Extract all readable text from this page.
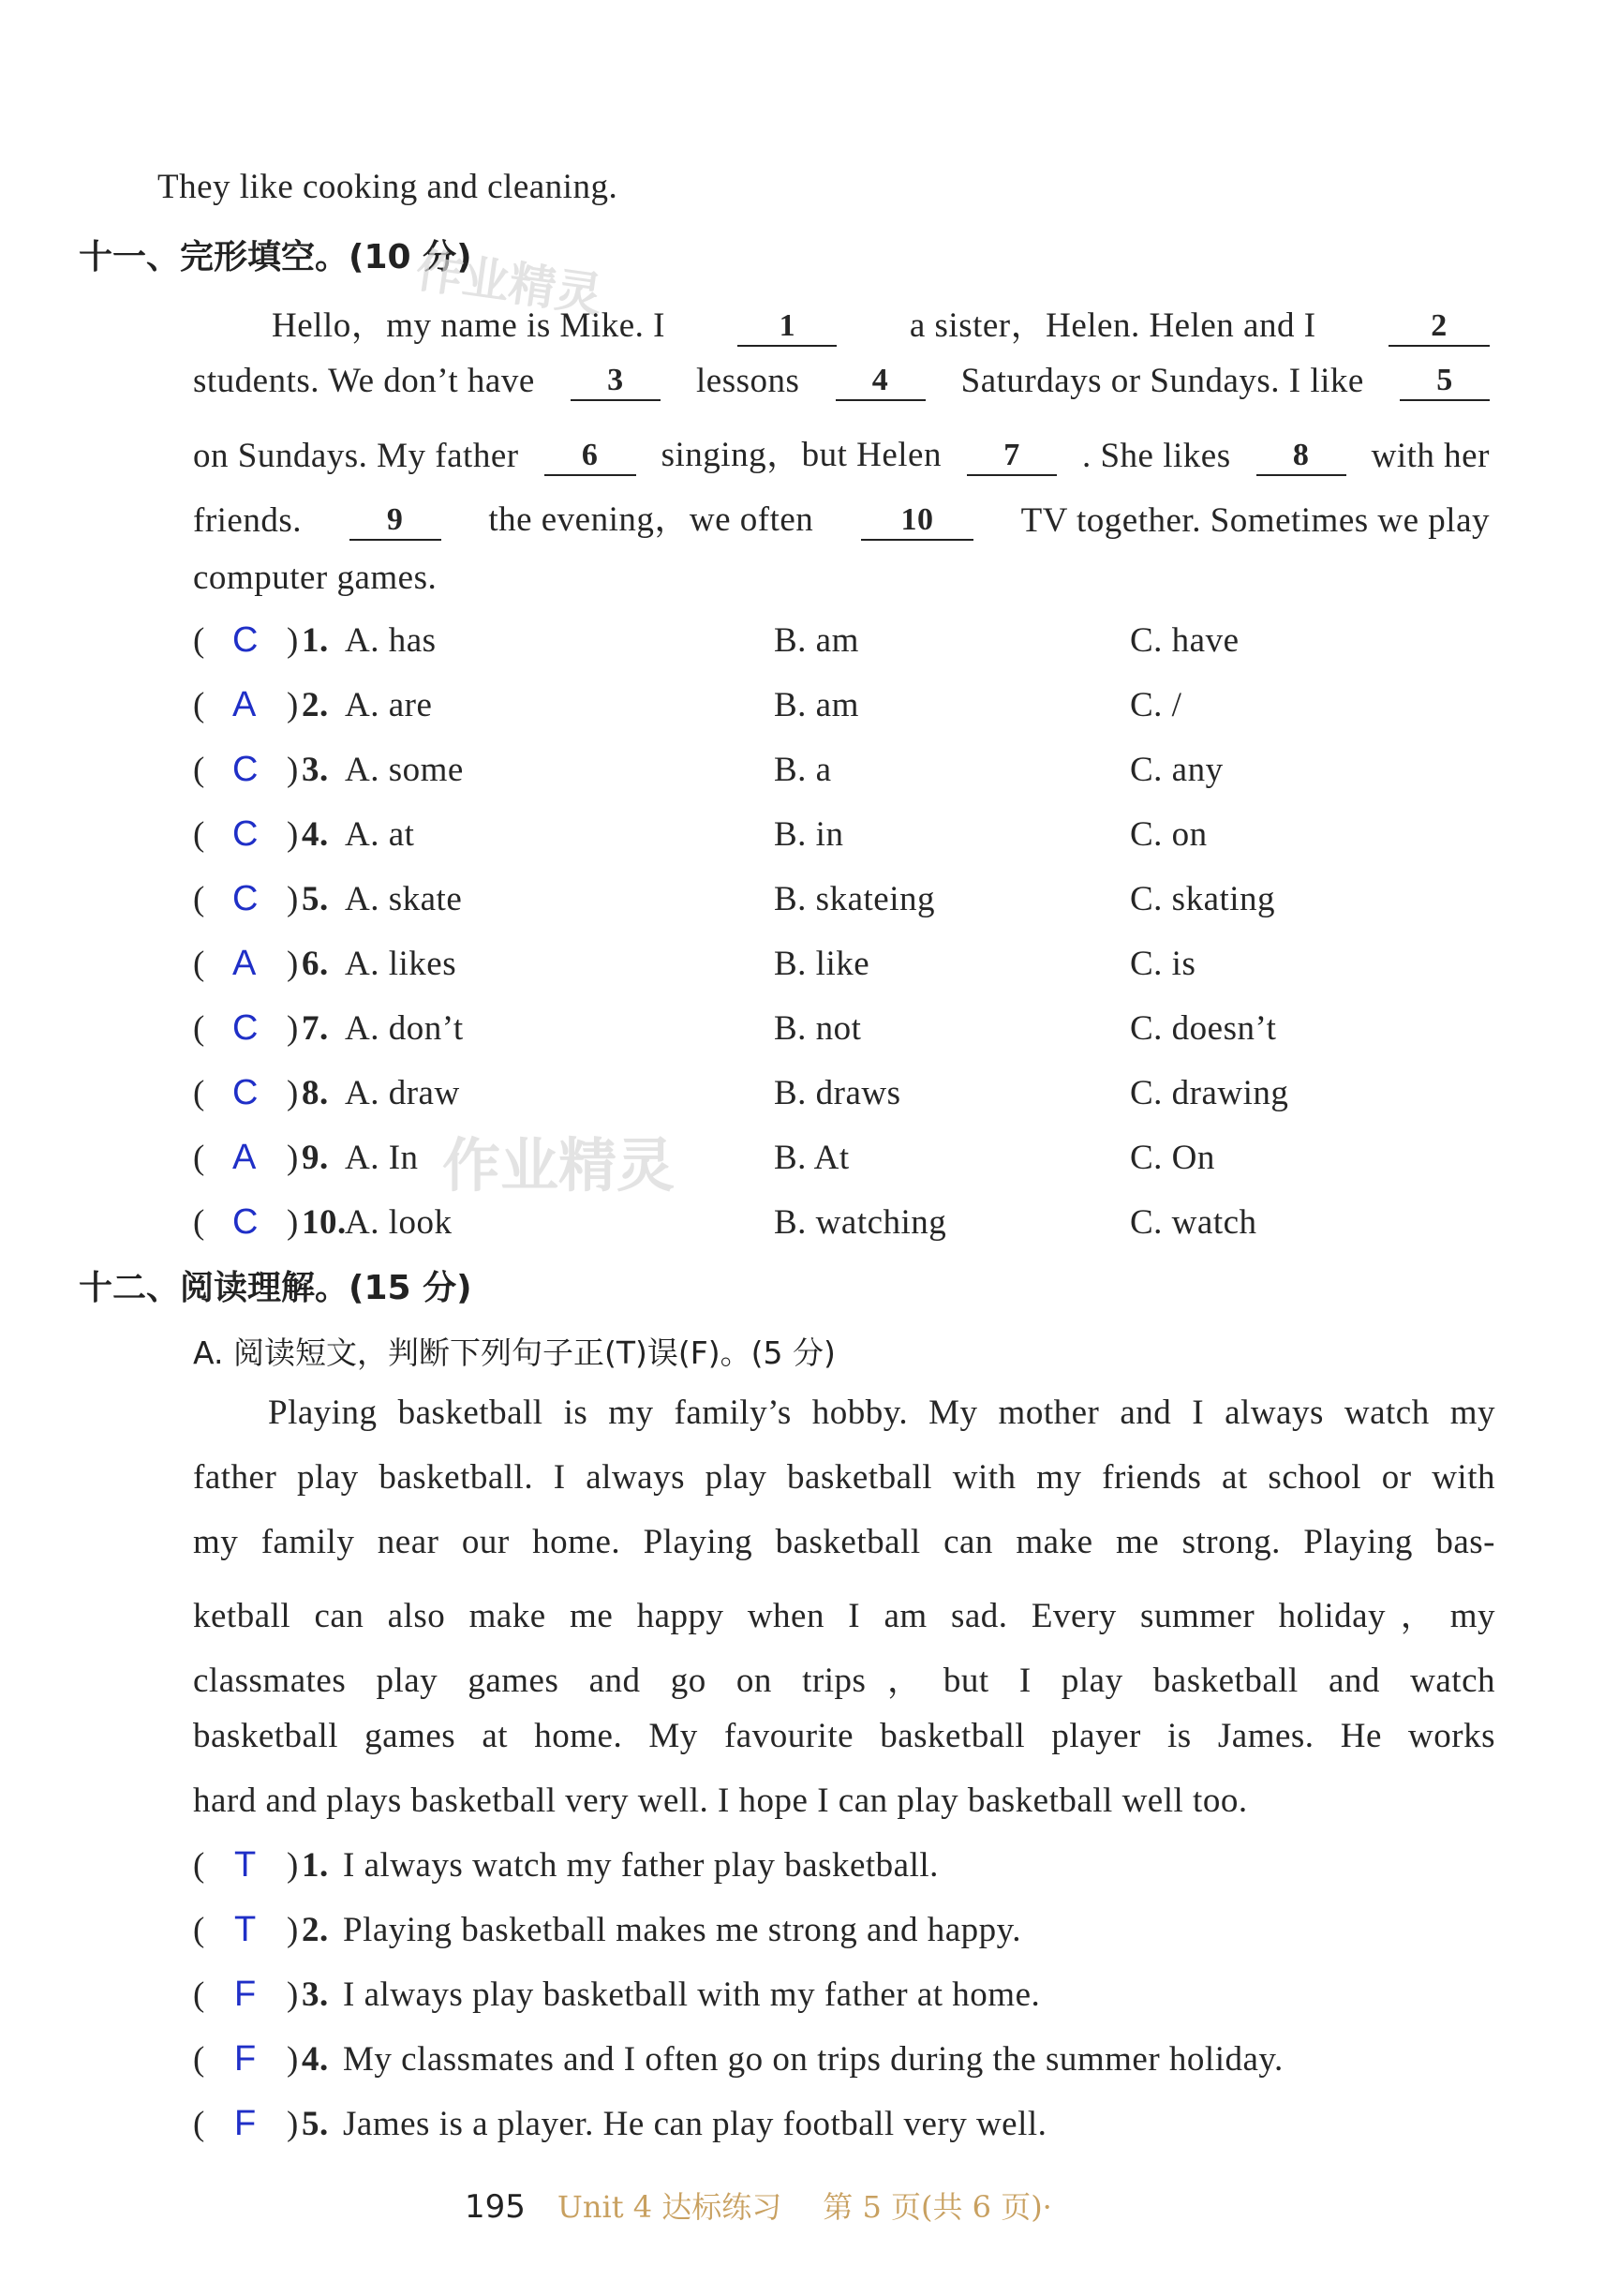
They like cooking and cleaning.
十一、完形填空。(10 分)
作业精灵
作业精灵
Hello，my name is Mike. I	1	a sister，Helen. Helen and I	2
students. We don’t have	3	lessons	4	Saturdays or Sundays. I like	5
on Sundays. My father	6	singing，but Helen	7	. She likes	8	with her
friends.	9	the evening，we often	10	TV together. Sometimes we play
computer games.
( C ) 1. A. has	B. am	C. have
( A ) 2. A. are	B. am	C. /
( C ) 3. A. some	B. a	C. any
( C ) 4. A. at	B. in	C. on
( C ) 5. A. skate	B. skateing	C. skating
( A ) 6. A. likes	B. like	C. is
( C ) 7. A. don’t	B. not	C. doesn’t
( C ) 8. A. draw	B. draws	C. drawing
( A ) 9. A. In	B. At	C. On
( C ) 10.
A. look	B. watching	C. watch
十二、阅读理解。(15 分)
A. 阅读短文，判断下列句子正(T)误(F)。(5 分)
Playing basketball is my family’s hobby. My mother and I always watch my
father play basketball. I always play basketball with my friends at school or with
my family near our home. Playing basketball can make me strong. Playing bas-
ketball can also make me happy when I am sad. Every summer holiday，my
classmates play games and go on trips，but I play basketball and watch
basketball games at home. My favourite basketball player is James. He works
hard and plays basketball very well. I hope I can play basketball well too.
( T ) 1. I always watch my father play basketball.
( T ) 2. Playing basketball makes me strong and happy.
( F ) 3. I always play basketball with my father at home.
( F ) 4. My classmates and I often go on trips during the summer holiday.
( F ) 5. James is a player. He can play football very well.
195 Unit 4 达标练习 第 5 页(共 6 页)·
